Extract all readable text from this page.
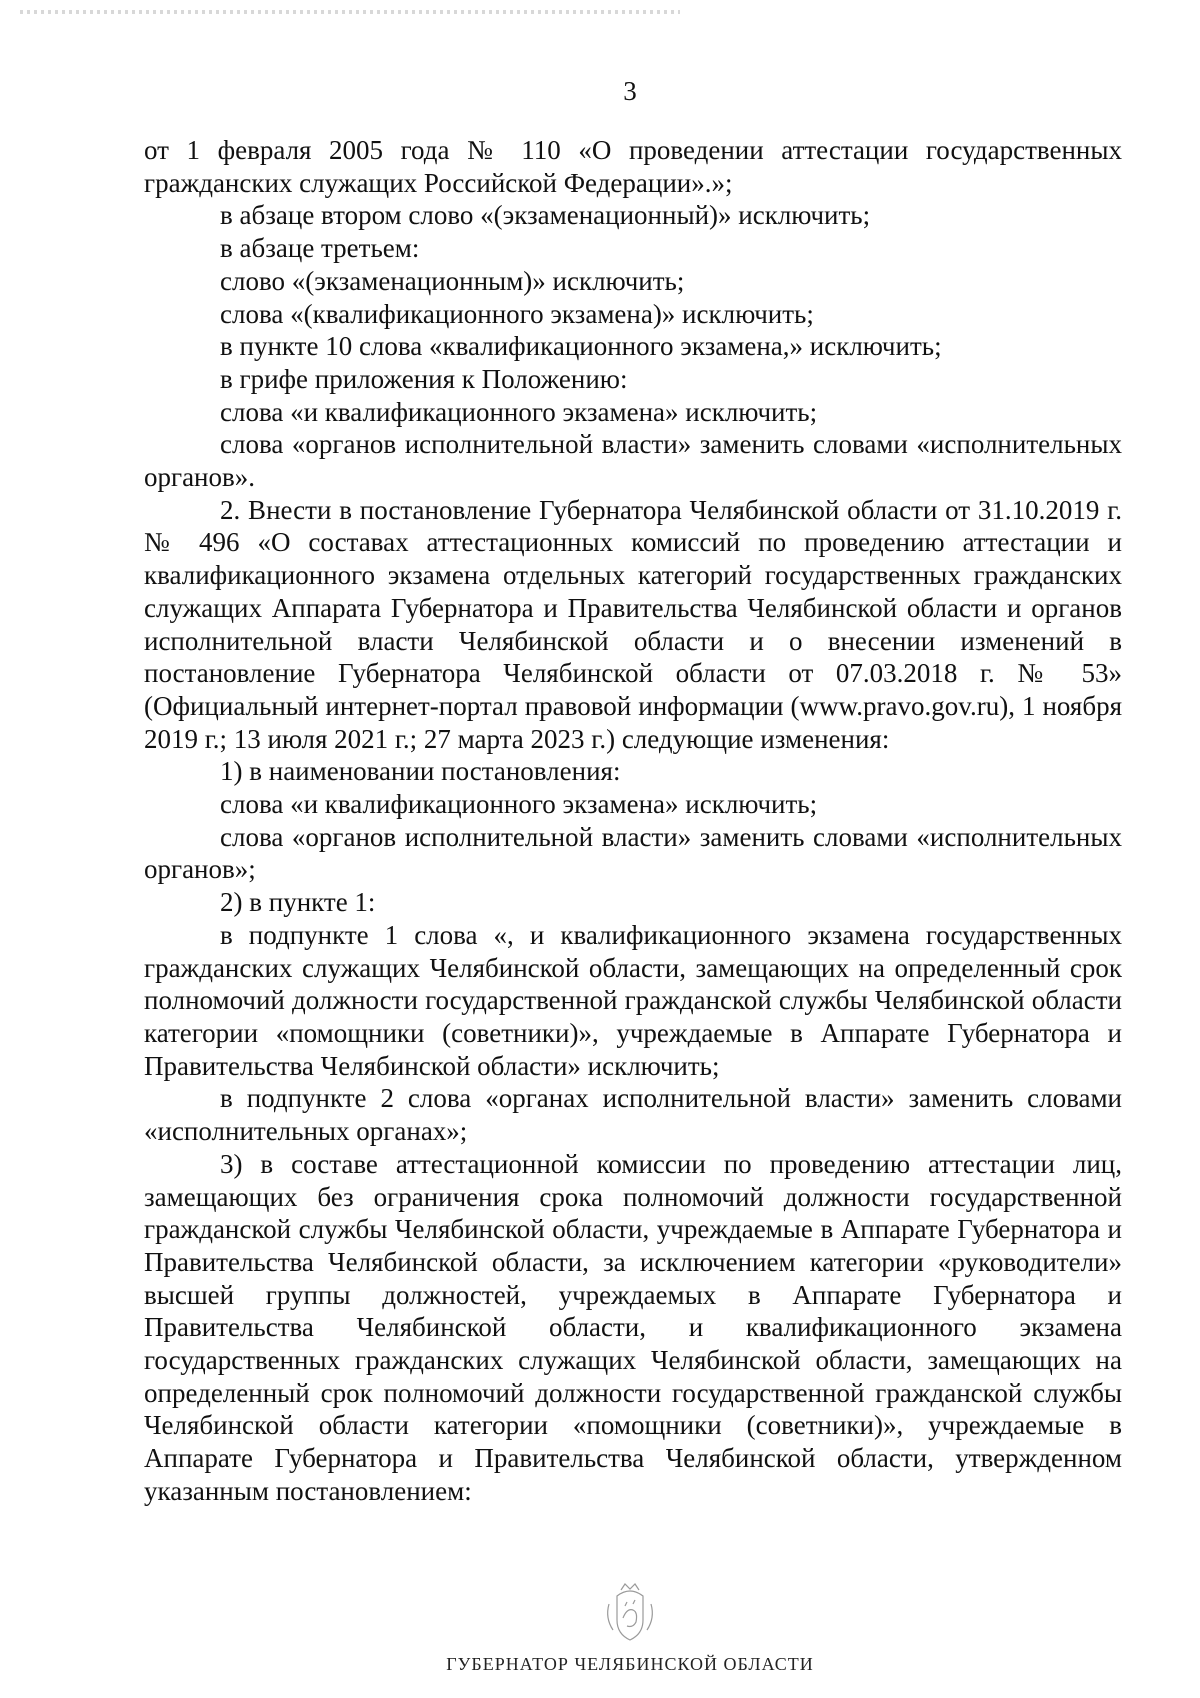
3

от 1 февраля 2005 года № 110 «О проведении аттестации государственных гражданских служащих Российской Федерации».»;

в абзаце втором слово «(экзаменационный)» исключить;

в абзаце третьем:

слово «(экзаменационным)» исключить;

слова «(квалификационного экзамена)» исключить;

в пункте 10 слова «квалификационного экзамена,» исключить;

в грифе приложения к Положению:

слова «и квалификационного экзамена» исключить;

слова «органов исполнительной власти» заменить словами «исполнительных органов».

2. Внести в постановление Губернатора Челябинской области от 31.10.2019 г. № 496 «О составах аттестационных комиссий по проведению аттестации и квалификационного экзамена отдельных категорий государственных гражданских служащих Аппарата Губернатора и Правительства Челябинской области и органов исполнительной власти Челябинской области и о внесении изменений в постановление Губернатора Челябинской области от 07.03.2018 г. № 53» (Официальный интернет-портал правовой информации (www.pravo.gov.ru), 1 ноября 2019 г.; 13 июля 2021 г.; 27 марта 2023 г.) следующие изменения:

1) в наименовании постановления:

слова «и квалификационного экзамена» исключить;

слова «органов исполнительной власти» заменить словами «исполнительных органов»;

2) в пункте 1:

в подпункте 1 слова «, и квалификационного экзамена государственных гражданских служащих Челябинской области, замещающих на определенный срок полномочий должности государственной гражданской службы Челябинской области категории «помощники (советники)», учреждаемые в Аппарате Губернатора и Правительства Челябинской области» исключить;

в подпункте 2 слова «органах исполнительной власти» заменить словами «исполнительных органах»;

3) в составе аттестационной комиссии по проведению аттестации лиц, замещающих без ограничения срока полномочий должности государственной гражданской службы Челябинской области, учреждаемые в Аппарате Губернатора и Правительства Челябинской области, за исключением категории «руководители» высшей группы должностей, учреждаемых в Аппарате Губернатора и Правительства Челябинской области, и квалификационного экзамена государственных гражданских служащих Челябинской области, замещающих на определенный срок полномочий должности государственной гражданской службы Челябинской области категории «помощники (советники)», учреждаемые в Аппарате Губернатора и Правительства Челябинской области, утвержденном указанным постановлением:

ГУБЕРНАТОР ЧЕЛЯБИНСКОЙ ОБЛАСТИ
